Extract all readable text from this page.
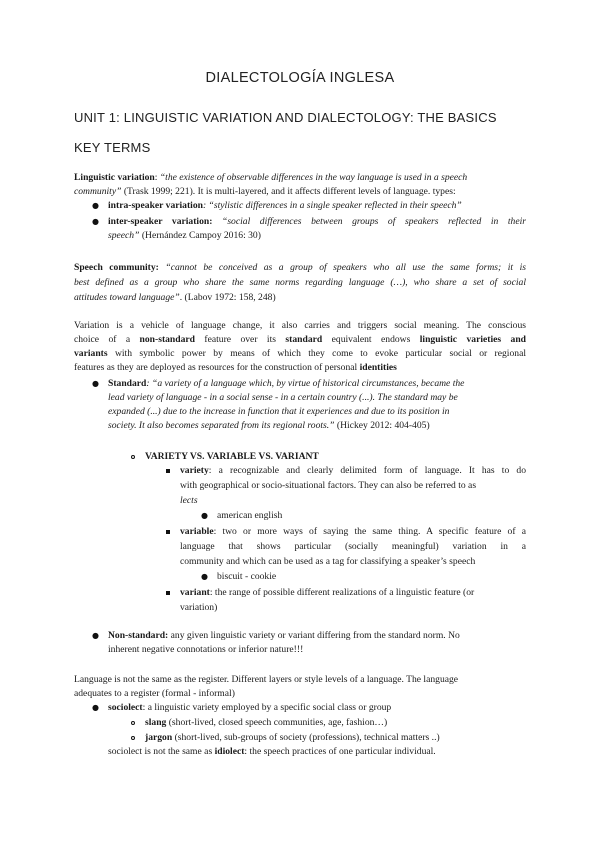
DIALECTOLOGÍA INGLESA
UNIT 1: LINGUISTIC VARIATION AND DIALECTOLOGY: THE BASICS
KEY TERMS
Linguistic variation: “the existence of observable differences in the way language is used in a speech
community” (Trask 1999; 221). It is multi-layered, and it affects different levels of language. types:
● intra-speaker variation: “stylistic differences in a single speaker reflected in their speech”
● inter-speaker variation: “social differences between groups of speakers reflected in their
speech” (Hernández Campoy 2016: 30)
Speech community: “cannot be conceived as a group of speakers who all use the same forms; it is
best defined as a group who share the same norms regarding language (…), who share a set of social
attitudes toward language”. (Labov 1972: 158, 248)
Variation is a vehicle of language change, it also carries and triggers social meaning. The conscious
choice of a non-standard feature over its standard equivalent endows linguistic varieties and
variants with symbolic power by means of which they come to evoke particular social or regional
features as they are deployed as resources for the construction of personal identities
● Standard: “a variety of a language which, by virtue of historical circumstances, became the
lead variety of language - in a social sense - in a certain country (...). The standard may be
expanded (...) due to the increase in function that it experiences and due to its position in
society. It also becomes separated from its regional roots.” (Hickey 2012: 404-405)
VARIETY VS. VARIABLE VS. VARIANT
variety: a recognizable and clearly delimited form of language. It has to do
with geographical or socio-situational factors. They can also be referred to as
lects
● american english
variable: two or more ways of saying the same thing. A specific feature of a
language that shows particular (socially meaningful) variation in a
community and which can be used as a tag for classifying a speaker’s speech
● biscuit - cookie
variant: the range of possible different realizations of a linguistic feature (or
variation)
● Non-standard: any given linguistic variety or variant differing from the standard norm. No
inherent negative connotations or inferior nature!!!
Language is not the same as the register. Different layers or style levels of a language. The language
adequates to a register (formal - informal)
● sociolect: a linguistic variety employed by a specific social class or group
slang (short-lived, closed speech communities, age, fashion…)
jargon (short-lived, sub-groups of society (professions), technical matters ..)
sociolect is not the same as idiolect: the speech practices of one particular individual.
